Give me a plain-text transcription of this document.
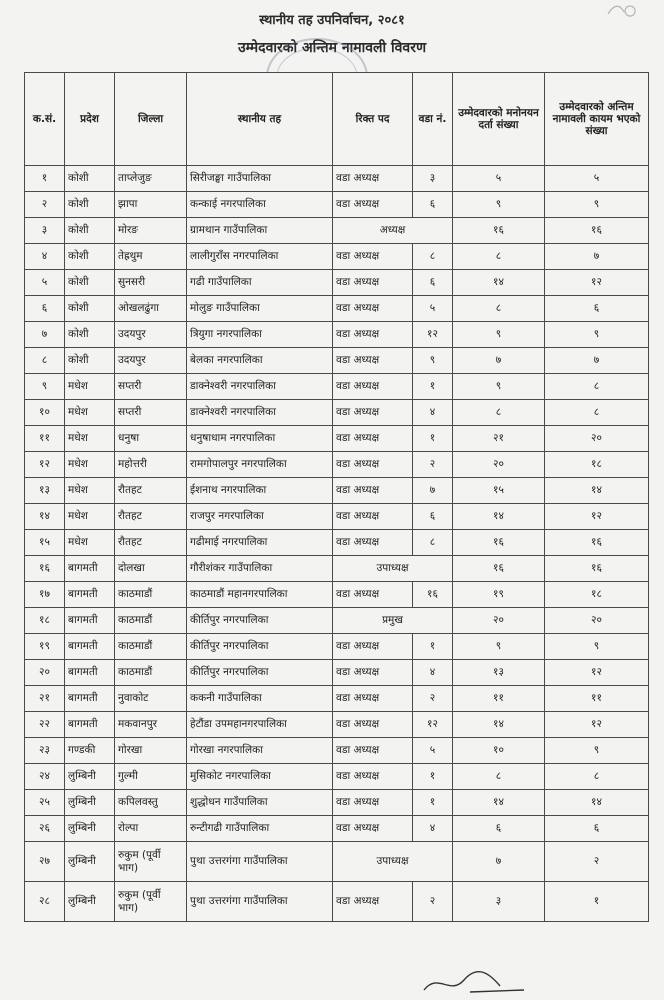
स्थानीय तह उपनिर्वाचन, २०८१
उम्मेदवारको अन्तिम नामावली विवरण
क.सं.	प्रदेश	जिल्ला	स्थानीय तह	रिक्त पद	वडा नं.	उम्मेदवारको मनोनयन दर्ता संख्या	उम्मेदवारको अन्तिम नामावली कायम भएको संख्या
१	कोशी	ताप्लेजुङ	सिरीजङ्घा गाउँपालिका	वडा अध्यक्ष	३	५	५
२	कोशी	झापा	कन्काई नगरपालिका	वडा अध्यक्ष	६	९	९
३	कोशी	मोरङ	ग्रामथान गाउँपालिका	अध्यक्ष		१६	१६
४	कोशी	तेह्रथुम	लालीगुराँस नगरपालिका	वडा अध्यक्ष	८	८	७
५	कोशी	सुनसरी	गढी गाउँपालिका	वडा अध्यक्ष	६	१४	१२
६	कोशी	ओखलढुंगा	मोलुङ गाउँपालिका	वडा अध्यक्ष	५	८	६
७	कोशी	उदयपुर	त्रियुगा नगरपालिका	वडा अध्यक्ष	१२	९	९
८	कोशी	उदयपुर	बेलका नगरपालिका	वडा अध्यक्ष	९	७	७
९	मधेश	सप्तरी	डाक्नेश्वरी नगरपालिका	वडा अध्यक्ष	१	९	८
१०	मधेश	सप्तरी	डाक्नेश्वरी नगरपालिका	वडा अध्यक्ष	४	८	८
११	मधेश	धनुषा	धनुषाधाम नगरपालिका	वडा अध्यक्ष	१	२१	२०
१२	मधेश	महोत्तरी	रामगोपालपुर नगरपालिका	वडा अध्यक्ष	२	२०	१८
१३	मधेश	रौतहट	ईशनाथ नगरपालिका	वडा अध्यक्ष	७	१५	१४
१४	मधेश	रौतहट	राजपुर नगरपालिका	वडा अध्यक्ष	६	१४	१२
१५	मधेश	रौतहट	गढीमाई नगरपालिका	वडा अध्यक्ष	८	१६	१६
१६	बागमती	दोलखा	गौरीशंकर गाउँपालिका	उपाध्यक्ष		१६	१६
१७	बागमती	काठमाडौं	काठमाडौं महानगरपालिका	वडा अध्यक्ष	१६	१९	१८
१८	बागमती	काठमाडौं	कीर्तिपुर नगरपालिका	प्रमुख		२०	२०
१९	बागमती	काठमाडौं	कीर्तिपुर नगरपालिका	वडा अध्यक्ष	१	९	९
२०	बागमती	काठमाडौं	कीर्तिपुर नगरपालिका	वडा अध्यक्ष	४	१३	१२
२१	बागमती	नुवाकोट	ककनी गाउँपालिका	वडा अध्यक्ष	२	११	११
२२	बागमती	मकवानपुर	हेटौंडा उपमहानगरपालिका	वडा अध्यक्ष	१२	१४	१२
२३	गण्डकी	गोरखा	गोरखा नगरपालिका	वडा अध्यक्ष	५	१०	९
२४	लुम्बिनी	गुल्मी	मुसिकोट नगरपालिका	वडा अध्यक्ष	१	८	८
२५	लुम्बिनी	कपिलवस्तु	शुद्धोधन गाउँपालिका	वडा अध्यक्ष	१	१४	१४
२६	लुम्बिनी	रोल्पा	रुन्टीगढी गाउँपालिका	वडा अध्यक्ष	४	६	६
२७	लुम्बिनी	रुकुम (पूर्वी भाग)	पुथा उत्तरगंगा गाउँपालिका	उपाध्यक्ष		७	२
२८	लुम्बिनी	रुकुम (पूर्वी भाग)	पुथा उत्तरगंगा गाउँपालिका	वडा अध्यक्ष	२	३	१
